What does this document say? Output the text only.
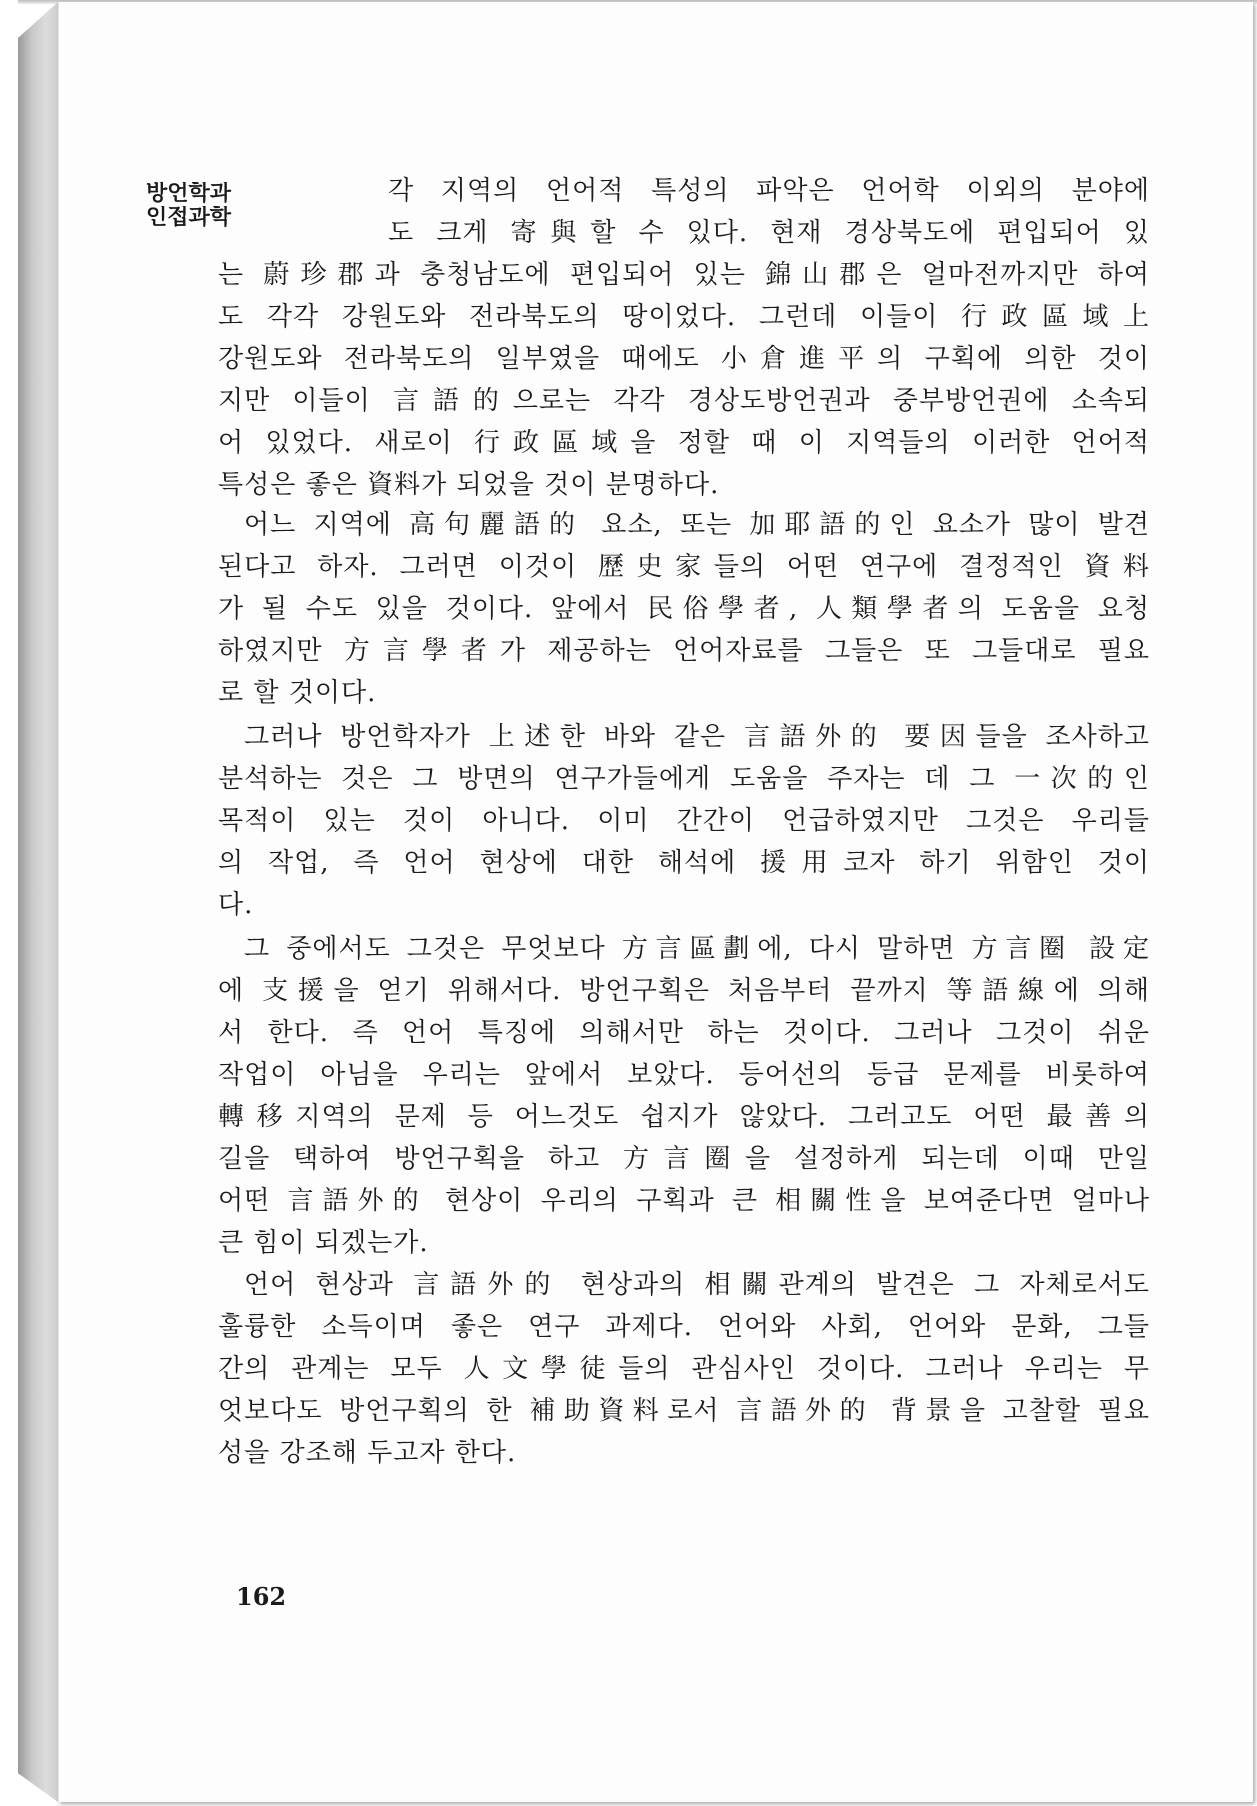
방언학과
인접과학
각 지역의 언어적 특성의 파악은 언어학 이외의 분야에
도 크게 寄與할 수 있다. 현재 경상북도에 편입되어 있
는 蔚珍郡과 충청남도에 편입되어 있는 錦山郡은 얼마전까지만 하여
도 각각 강원도와 전라북도의 땅이었다. 그런데 이들이 行政區域上
강원도와 전라북도의 일부였을 때에도 小倉進平의 구획에 의한 것이
지만 이들이 言語的으로는 각각 경상도방언권과 중부방언권에 소속되
어 있었다. 새로이 行政區域을 정할 때 이 지역들의 이러한 언어적
특성은 좋은 資料가 되었을 것이 분명하다.
어느 지역에 高句麗語的 요소, 또는 加耶語的인 요소가 많이 발견
된다고 하자. 그러면 이것이 歷史家들의 어떤 연구에 결정적인 資料
가 될 수도 있을 것이다. 앞에서 民俗學者, 人類學者의 도움을 요청
하였지만 方言學者가 제공하는 언어자료를 그들은 또 그들대로 필요
로 할 것이다.
그러나 방언학자가 上述한 바와 같은 言語外的 要因들을 조사하고
분석하는 것은 그 방면의 연구가들에게 도움을 주자는 데 그 一次的인
목적이 있는 것이 아니다. 이미 간간이 언급하였지만 그것은 우리들
의 작업, 즉 언어 현상에 대한 해석에 援用코자 하기 위함인 것이
다.
그 중에서도 그것은 무엇보다 方言區劃에, 다시 말하면 方言圈 設定
에 支援을 얻기 위해서다. 방언구획은 처음부터 끝까지 等語線에 의해
서 한다. 즉 언어 특징에 의해서만 하는 것이다. 그러나 그것이 쉬운
작업이 아님을 우리는 앞에서 보았다. 등어선의 등급 문제를 비롯하여
轉移지역의 문제 등 어느것도 쉽지가 않았다. 그러고도 어떤 最善의
길을 택하여 방언구획을 하고 方言圈을 설정하게 되는데 이때 만일
어떤 言語外的 현상이 우리의 구획과 큰 相關性을 보여준다면 얼마나
큰 힘이 되겠는가.
언어 현상과 言語外的 현상과의 相關관계의 발견은 그 자체로서도
훌륭한 소득이며 좋은 연구 과제다. 언어와 사회, 언어와 문화, 그들
간의 관계는 모두 人文學徒들의 관심사인 것이다. 그러나 우리는 무
엇보다도 방언구획의 한 補助資料로서 言語外的 背景을 고찰할 필요
성을 강조해 두고자 한다.
162
